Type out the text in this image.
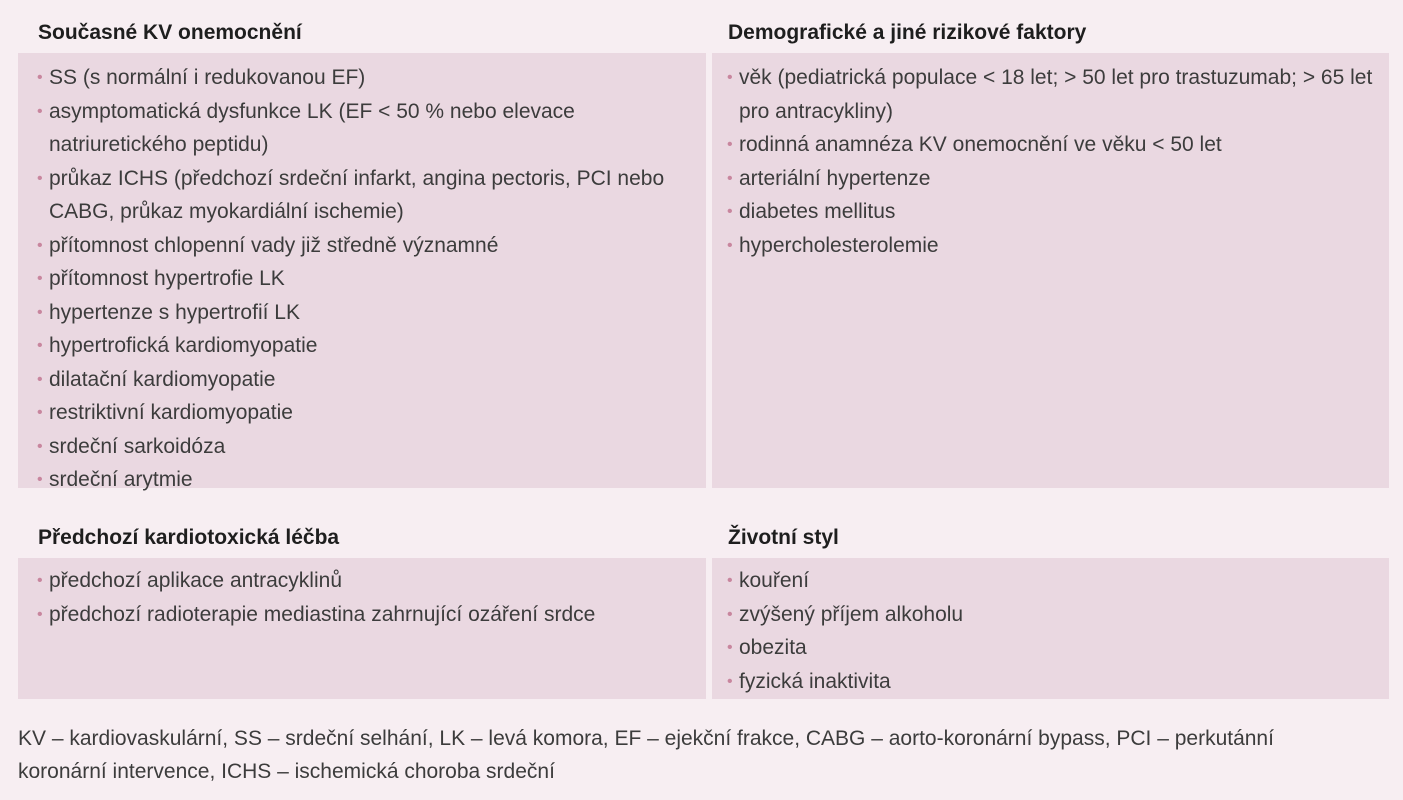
Současné KV onemocnění
• SS (s normální i redukovanou EF)
• asymptomatická dysfunkce LK (EF < 50 % nebo elevace natriuretického peptidu)
• průkaz ICHS (předchozí srdeční infarkt, angina pectoris, PCI nebo CABG, průkaz myokardiální ischemie)
• přítomnost chlopenní vady již středně významné
• přítomnost hypertrofie LK
• hypertenze s hypertrofií LK
• hypertrofická kardiomyopatie
• dilatační kardiomyopatie
• restriktivní kardiomyopatie
• srdeční sarkoidóza
• srdeční arytmie
Demografické a jiné rizikové faktory
• věk (pediatrická populace < 18 let; > 50 let pro trastuzumab; > 65 let pro antracykliny)
• rodinná anamnéza KV onemocnění ve věku < 50 let
• arteriální hypertenze
• diabetes mellitus
• hypercholesterolemie
Předchozí kardiotoxická léčba
• předchozí aplikace antracyklinů
• předchozí radioterapie mediastina zahrnující ozáření srdce
Životní styl
• kouření
• zvýšený příjem alkoholu
• obezita
• fyzická inaktivita
KV – kardiovaskulární, SS – srdeční selhání, LK – levá komora, EF – ejekční frakce, CABG – aorto-koronární bypass, PCI – perkutánní koronární intervence, ICHS – ischemická choroba srdeční
